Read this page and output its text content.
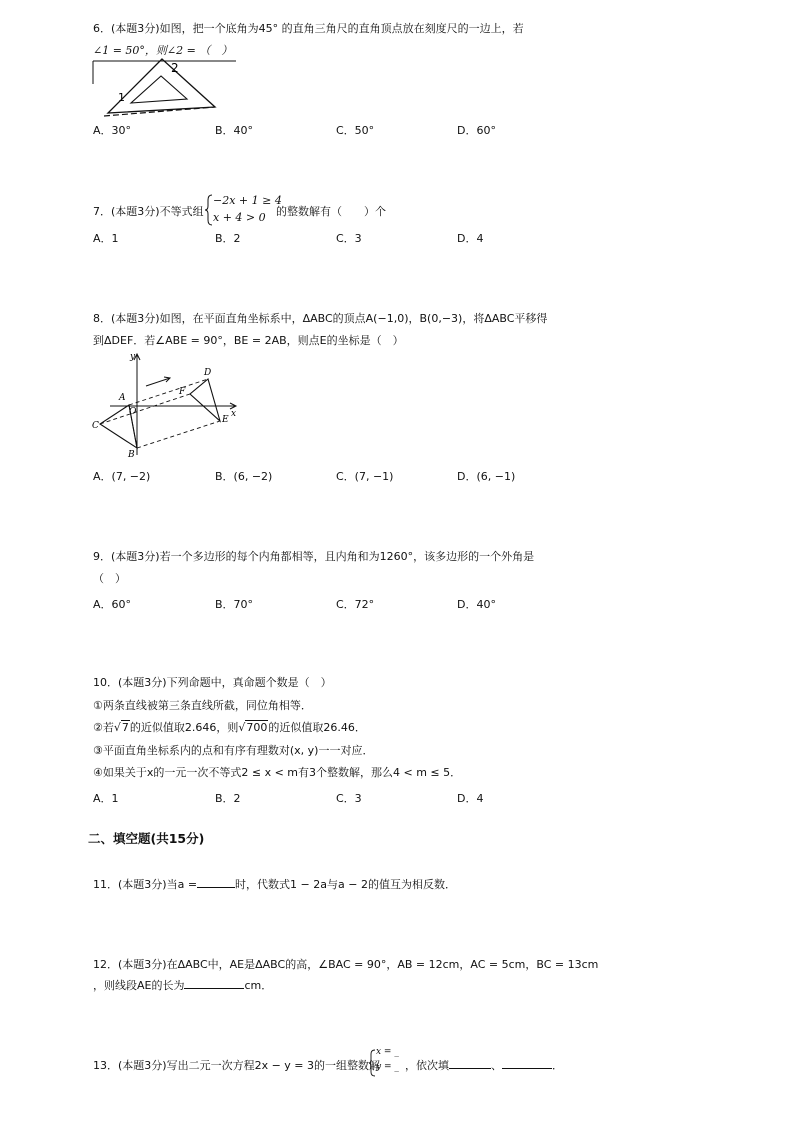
6．(本题3分)如图，把一个底角为45° 的直角三角尺的直角顶点放在刻度尺的一边上，若
∠1 = 50°，则∠2 = （　）
2
1
A．30°	B．40°	C．50°	D．60°
7．(本题3分)不等式组
−2x + 1 ≥ 4
x + 4 > 0 的整数解有（　　）个
A．1	B．2	C．3	D．4
8．(本题3分)如图，在平面直角坐标系中，ΔABC的顶点A(−1,0)，B(0,−3)，将ΔABC平移得
到ΔDEF．若∠ABE = 90°，BE = 2AB，则点E的坐标是（　）
y
x
A
O
C
B
D
F
E
A．(7, −2)	B．(6, −2)	C．(7, −1)	D．(6, −1)
9．(本题3分)若一个多边形的每个内角都相等，且内角和为1260°，该多边形的一个外角是
（　）
A．60°	B．70°	C．72°	D．40°
10．(本题3分)下列命题中，真命题个数是（　）
①两条直线被第三条直线所截，同位角相等．
②若√7的近似值取2.646，则√700的近似值取26.46．
③平面直角坐标系内的点和有序有理数对(x, y)一一对应．
④如果关于x的一元一次不等式2 ≤ x < m有3个整数解，那么4 < m ≤ 5．
A．1	B．2	C．3	D．4
二、填空题(共15分)
11．(本题3分)当a =	时，代数式1 − 2a与a − 2的值互为相反数．
12．(本题3分)在ΔABC中，AE是ΔABC的高，∠BAC = 90°，AB = 12cm，AC = 5cm，BC = 13cm
，则线段AE的长为	cm．
13．(本题3分)写出二元一次方程2x − y = 3的一组整数解
x = _
y = _ ，依次填	、	．
